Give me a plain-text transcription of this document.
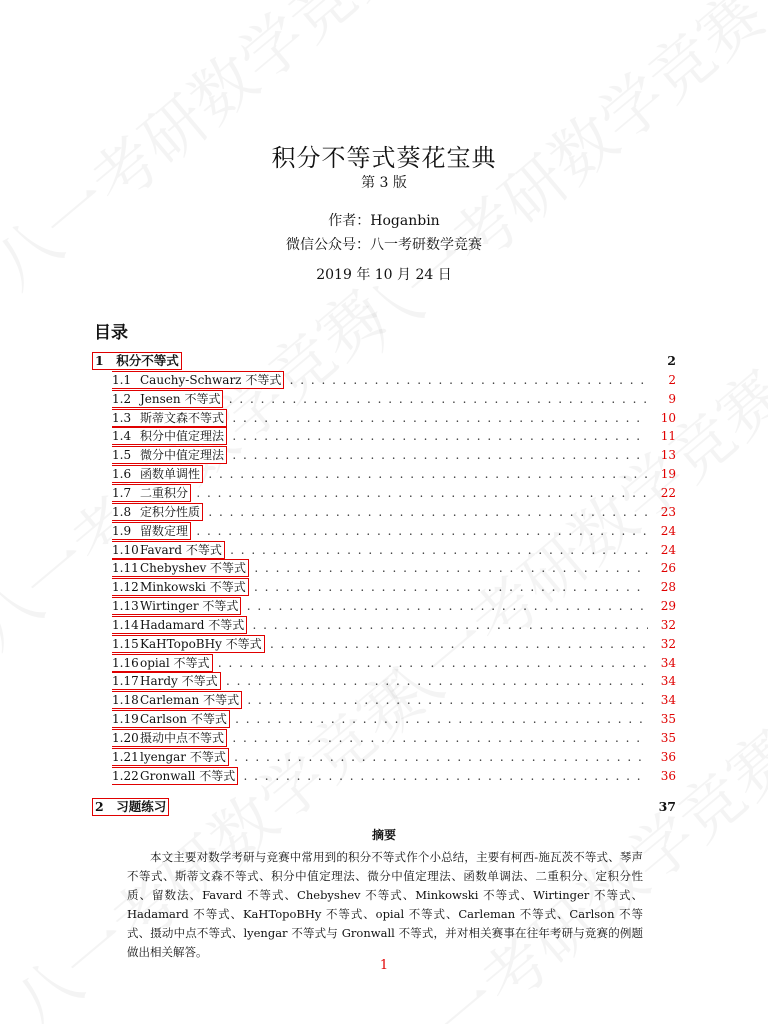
积分不等式葵花宝典
第 3 版
作者：Hoganbin
微信公众号：八一考研数学竞赛
2019 年 10 月 24 日
目录
1 积分不等式	2
1.1 Cauchy-Schwarz 不等式 . . .	2
1.2 Jensen 不等式 . . .	9
1.3 斯蒂文森不等式 . . .	10
1.4 积分中值定理法 . . .	11
1.5 微分中值定理法 . . .	13
1.6 函数单调性 . . .	19
1.7 二重积分 . . .	22
1.8 定积分性质 . . .	23
1.9 留数定理 . . .	24
1.10Favard 不等式 . . .	24
1.11Chebyshev 不等式 . . .	26
1.12Minkowski 不等式 . . .	28
1.13Wirtinger 不等式 . . .	29
1.14Hadamard 不等式 . . .	32
1.15KaHTopoBHy 不等式 . . .	32
1.16opial 不等式 . . .	34
1.17Hardy 不等式 . . .	34
1.18Carleman 不等式 . . .	34
1.19Carlson 不等式 . . .	35
1.20摄动中点不等式 . . .	35
1.21lyengar 不等式 . . .	36
1.22Gronwall 不等式 . . .	36
2 习题练习	37
摘要
本文主要对数学考研与竞赛中常用到的积分不等式作个小总结，主要有柯西-施瓦茨不等式、琴声不等式、斯蒂文森不等式、积分中值定理法、微分中值定理法、函数单调法、二重积分、定积分性质、留数法、Favard 不等式、Chebyshev 不等式、Minkowski 不等式、Wirtinger 不等式、Hadamard 不等式、KaHTopoBHy 不等式、opial 不等式、Carleman 不等式、Carlson 不等式、摄动中点不等式、lyengar 不等式与 Gronwall 不等式，并对相关赛事在往年考研与竞赛的例题做出相关解答。
1
